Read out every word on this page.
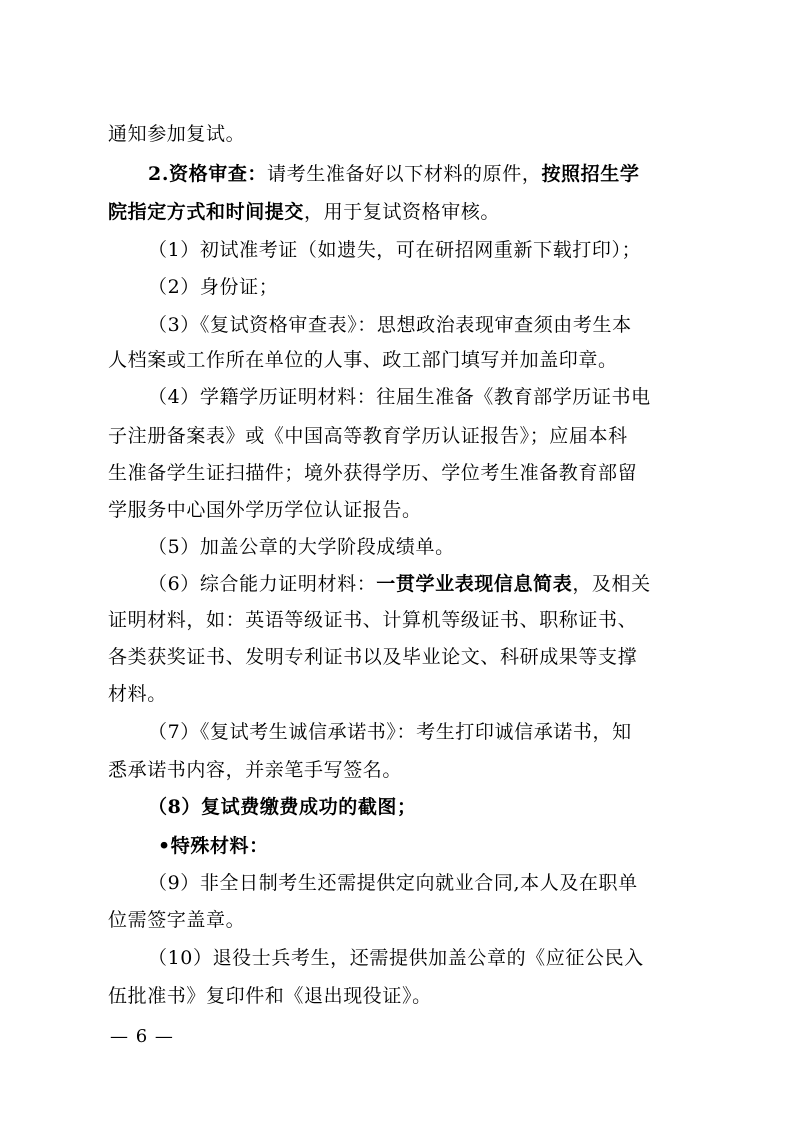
通知参加复试。
2.资格审查：请考生准备好以下材料的原件，按照招生学
院指定方式和时间提交，用于复试资格审核。
（1）初试准考证（如遗失，可在研招网重新下载打印）；
（2）身份证；
（3）《复试资格审查表》：思想政治表现审查须由考生本
人档案或工作所在单位的人事、政工部门填写并加盖印章。
（4）学籍学历证明材料：往届生准备《教育部学历证书电
子注册备案表》或《中国高等教育学历认证报告》；应届本科
生准备学生证扫描件；境外获得学历、学位考生准备教育部留
学服务中心国外学历学位认证报告。
（5）加盖公章的大学阶段成绩单。
（6）综合能力证明材料：一贯学业表现信息简表，及相关
证明材料，如：英语等级证书、计算机等级证书、职称证书、
各类获奖证书、发明专利证书以及毕业论文、科研成果等支撑
材料。
（7）《复试考生诚信承诺书》：考生打印诚信承诺书，知
悉承诺书内容，并亲笔手写签名。
（8）复试费缴费成功的截图；
•特殊材料：
（9）非全日制考生还需提供定向就业合同,本人及在职单
位需签字盖章。
（10）退役士兵考生，还需提供加盖公章的《应征公民入
伍批准书》复印件和《退出现役证》。
— 6 —
